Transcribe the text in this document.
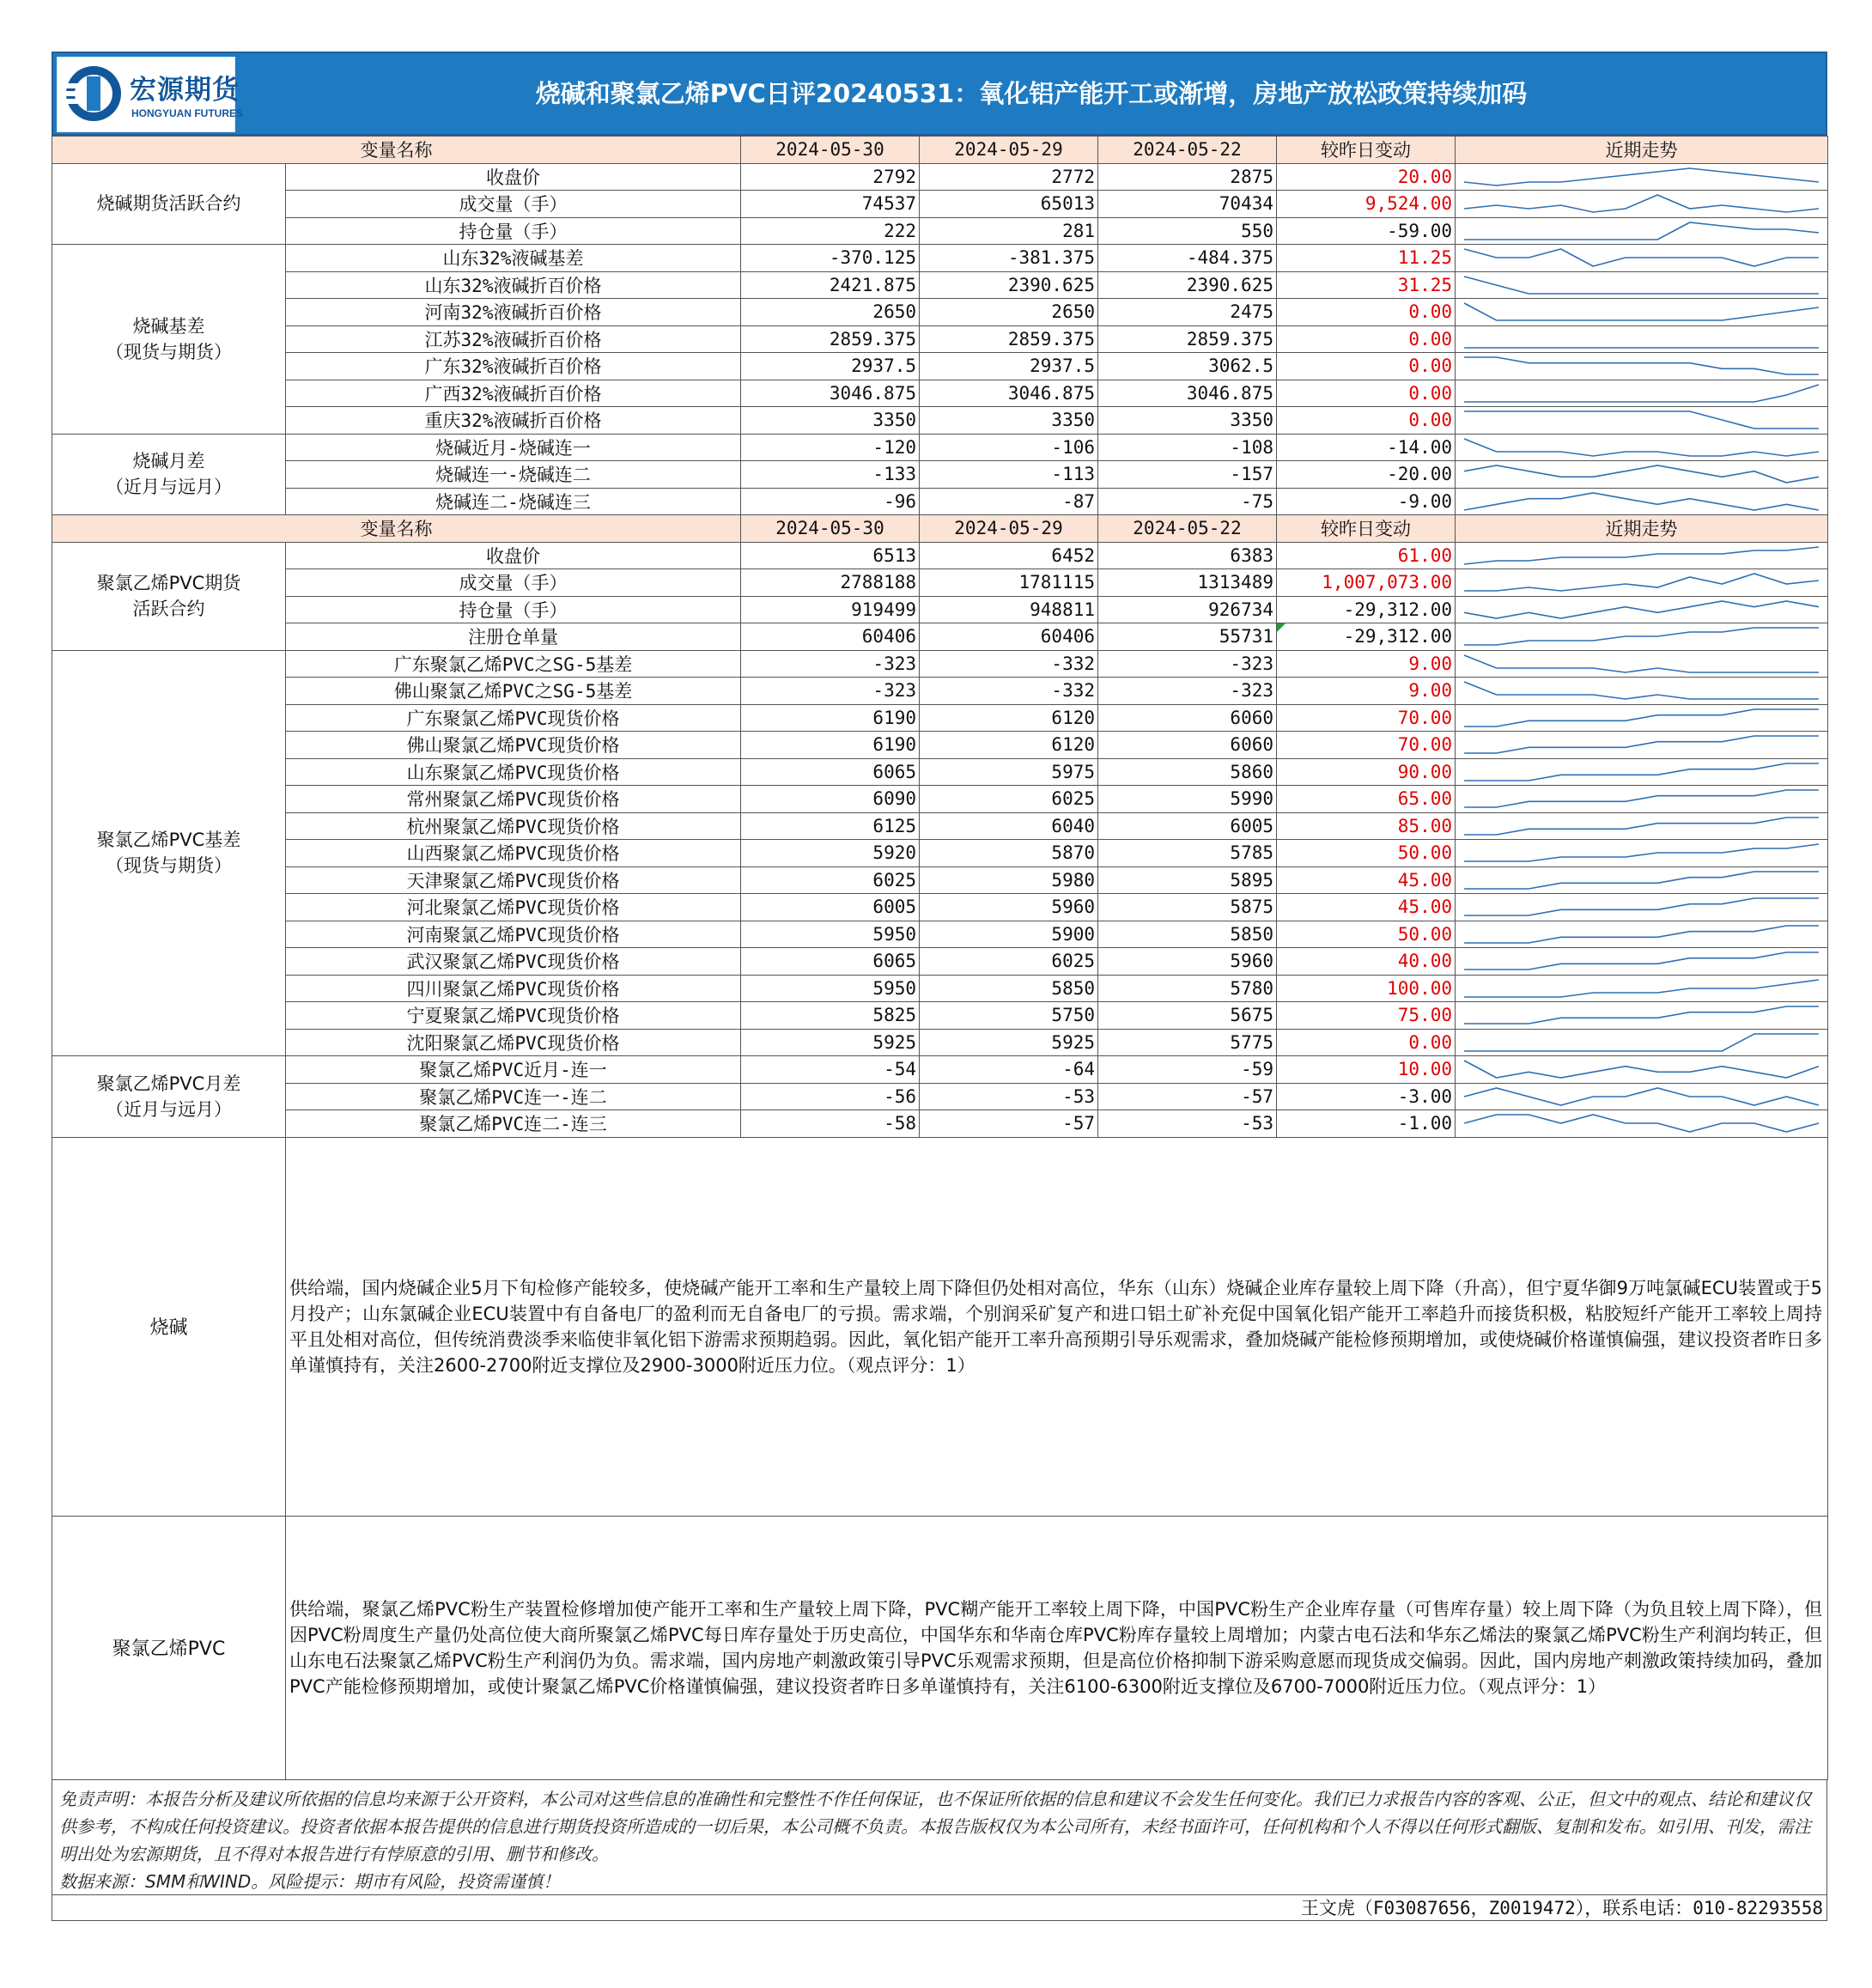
宏源期货
HONGYUAN FUTURES
烧碱和聚氯乙烯PVC日评20240531：氧化铝产能开工或渐增，房地产放松政策持续加码
变量名称		2024-05-30	2024-05-29	2024-05-22	较昨日变动	近期走势

烧碱期货活跃合约	收盘价	2792	2772	2875	20.00	

	成交量（手）	74537	65013	70434	9,524.00	

	持仓量（手）	222	281	550	-59.00	

烧碱基差
（现货与期货）	山东32%液碱基差	-370.125	-381.375	-484.375	11.25	

	山东32%液碱折百价格	2421.875	2390.625	2390.625	31.25	

	河南32%液碱折百价格	2650	2650	2475	0.00	

	江苏32%液碱折百价格	2859.375	2859.375	2859.375	0.00	

	广东32%液碱折百价格	2937.5	2937.5	3062.5	0.00	

	广西32%液碱折百价格	3046.875	3046.875	3046.875	0.00	

	重庆32%液碱折百价格	3350	3350	3350	0.00	

烧碱月差
（近月与远月）	烧碱近月-烧碱连一	-120	-106	-108	-14.00	

	烧碱连一-烧碱连二	-133	-113	-157	-20.00	

	烧碱连二-烧碱连三	-96	-87	-75	-9.00	

变量名称		2024-05-30	2024-05-29	2024-05-22	较昨日变动	近期走势

聚氯乙烯PVC期货
活跃合约	收盘价	6513	6452	6383	61.00	

	成交量（手）	2788188	1781115	1313489	1,007,073.00	

	持仓量（手）	919499	948811	926734	-29,312.00	

	注册仓单量	60406	60406	55731	-29,312.00	

聚氯乙烯PVC基差
（现货与期货）	广东聚氯乙烯PVC之SG-5基差	-323	-332	-323	9.00	

	佛山聚氯乙烯PVC之SG-5基差	-323	-332	-323	9.00	

	广东聚氯乙烯PVC现货价格	6190	6120	6060	70.00	

	佛山聚氯乙烯PVC现货价格	6190	6120	6060	70.00	

	山东聚氯乙烯PVC现货价格	6065	5975	5860	90.00	

	常州聚氯乙烯PVC现货价格	6090	6025	5990	65.00	

	杭州聚氯乙烯PVC现货价格	6125	6040	6005	85.00	

	山西聚氯乙烯PVC现货价格	5920	5870	5785	50.00	

	天津聚氯乙烯PVC现货价格	6025	5980	5895	45.00	

	河北聚氯乙烯PVC现货价格	6005	5960	5875	45.00	

	河南聚氯乙烯PVC现货价格	5950	5900	5850	50.00	

	武汉聚氯乙烯PVC现货价格	6065	6025	5960	40.00	

	四川聚氯乙烯PVC现货价格	5950	5850	5780	100.00	

	宁夏聚氯乙烯PVC现货价格	5825	5750	5675	75.00	

	沈阳聚氯乙烯PVC现货价格	5925	5925	5775	0.00	

聚氯乙烯PVC月差
（近月与远月）	聚氯乙烯PVC近月-连一	-54	-64	-59	10.00	

	聚氯乙烯PVC连一-连二	-56	-53	-57	-3.00	

	聚氯乙烯PVC连二-连三	-58	-57	-53	-1.00	

烧碱	供给端，国内烧碱企业5月下旬检修产能较多，使烧碱产能开工率和生产量较上周下降但仍处相对高位，华东（山东）烧碱企业库存量较上周下降（升高），但宁夏华御9万吨氯碱ECU装置或于5月投产；山东氯碱企业ECU装置中有自备电厂的盈利而无自备电厂的亏损。需求端，个别润采矿复产和进口铝土矿补充促中国氧化铝产能开工率趋升而接货积极，粘胶短纤产能开工率较上周持平且处相对高位，但传统消费淡季来临使非氧化铝下游需求预期趋弱。因此，氧化铝产能开工率升高预期引导乐观需求，叠加烧碱产能检修预期增加，或使烧碱价格谨慎偏强，建议投资者昨日多单谨慎持有，关注2600-2700附近支撑位及2900-3000附近压力位。（观点评分：1）					
聚氯乙烯PVC	供给端，聚氯乙烯PVC粉生产装置检修增加使产能开工率和生产量较上周下降，PVC糊产能开工率较上周下降，中国PVC粉生产企业库存量（可售库存量）较上周下降（为负且较上周下降），但因PVC粉周度生产量仍处高位使大商所聚氯乙烯PVC每日库存量处于历史高位，中国华东和华南仓库PVC粉库存量较上周增加；内蒙古电石法和华东乙烯法的聚氯乙烯PVC粉生产利润均转正，但山东电石法聚氯乙烯PVC粉生产利润仍为负。需求端，国内房地产刺激政策引导PVC乐观需求预期，但是高位价格抑制下游采购意愿而现货成交偏弱。因此，国内房地产刺激政策持续加码，叠加PVC产能检修预期增加，或使计聚氯乙烯PVC价格谨慎偏强，建议投资者昨日多单谨慎持有，关注6100-6300附近支撑位及6700-7000附近压力位。（观点评分：1）					
免责声明：本报告分析及建议所依据的信息均来源于公开资料，本公司对这些信息的准确性和完整性不作任何保证，也不保证所依据的信息和建议不会发生任何变化。我们已力求报告内容的客观、公正，但文中的观点、结论和建议仅供参考，不构成任何投资建议。投资者依据本报告提供的信息进行期货投资所造成的一切后果，本公司概不负责。本报告版权仅为本公司所有，未经书面许可，任何机构和个人不得以任何形式翻版、复制和发布。如引用、刊发，需注明出处为宏源期货，且不得对本报告进行有悖原意的引用、删节和修改。
数据来源：SMM和WIND。风险提示：期市有风险，投资需谨慎！
王文虎（F03087656，Z0019472），联系电话：010-82293558
